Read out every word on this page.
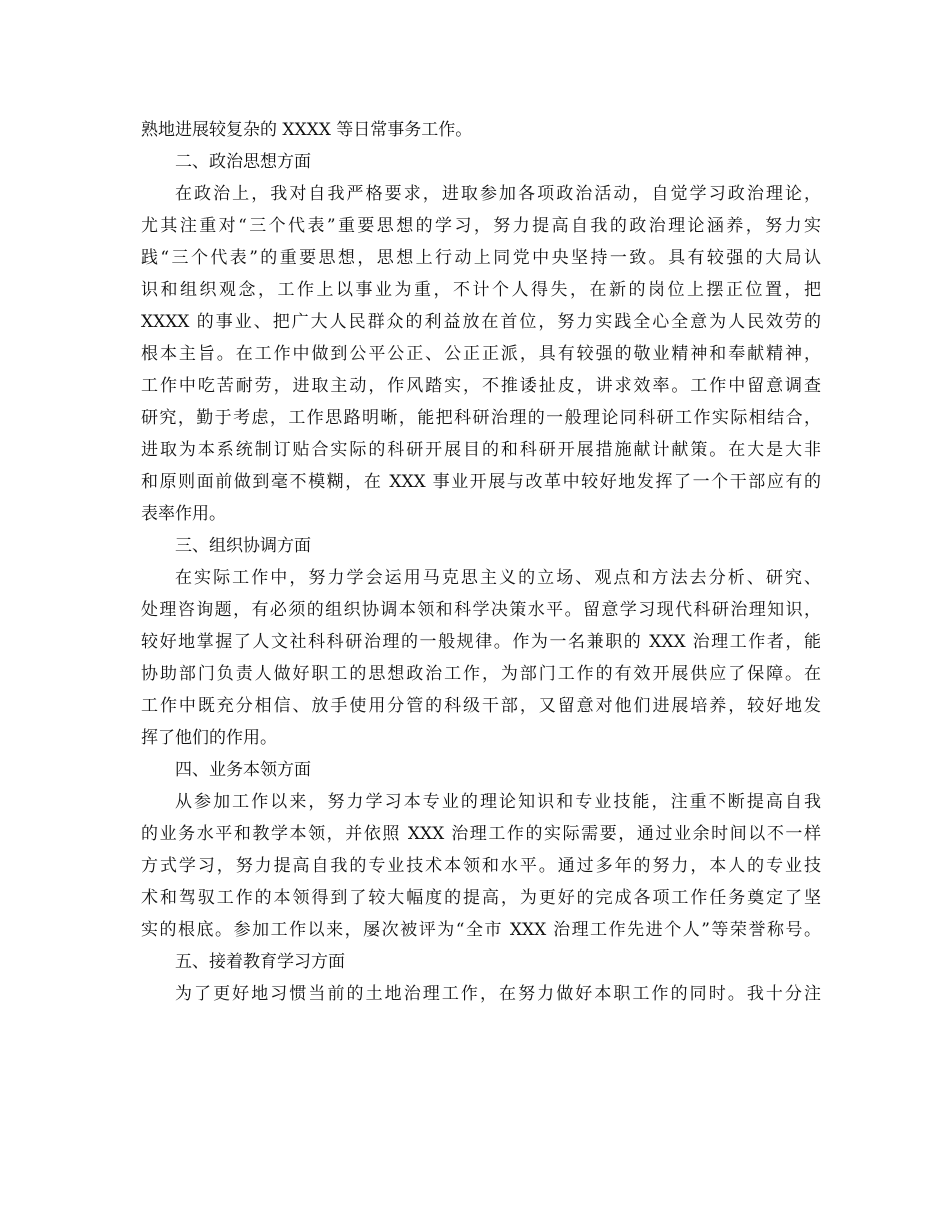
熟地进展较复杂的 XXXX 等日常事务工作。
二、政治思想方面
在政治上，我对自我严格要求，进取参加各项政治活动，自觉学习政治理论，
尤其注重对“三个代表”重要思想的学习，努力提高自我的政治理论涵养，努力实
践“三个代表”的重要思想，思想上行动上同党中央坚持一致。具有较强的大局认
识和组织观念，工作上以事业为重，不计个人得失，在新的岗位上摆正位置，把
XXXX 的事业、把广大人民群众的利益放在首位，努力实践全心全意为人民效劳的
根本主旨。在工作中做到公平公正、公正正派，具有较强的敬业精神和奉献精神，
工作中吃苦耐劳，进取主动，作风踏实，不推诿扯皮，讲求效率。工作中留意调查
研究，勤于考虑，工作思路明晰，能把科研治理的一般理论同科研工作实际相结合，
进取为本系统制订贴合实际的科研开展目的和科研开展措施献计献策。在大是大非
和原则面前做到毫不模糊，在 XXX 事业开展与改革中较好地发挥了一个干部应有的
表率作用。
三、组织协调方面
在实际工作中，努力学会运用马克思主义的立场、观点和方法去分析、研究、
处理咨询题，有必须的组织协调本领和科学决策水平。留意学习现代科研治理知识，
较好地掌握了人文社科科研治理的一般规律。作为一名兼职的 XXX 治理工作者，能
协助部门负责人做好职工的思想政治工作，为部门工作的有效开展供应了保障。在
工作中既充分相信、放手使用分管的科级干部，又留意对他们进展培养，较好地发
挥了他们的作用。
四、业务本领方面
从参加工作以来，努力学习本专业的理论知识和专业技能，注重不断提高自我
的业务水平和教学本领，并依照 XXX 治理工作的实际需要，通过业余时间以不一样
方式学习，努力提高自我的专业技术本领和水平。通过多年的努力，本人的专业技
术和驾驭工作的本领得到了较大幅度的提高，为更好的完成各项工作任务奠定了坚
实的根底。参加工作以来，屡次被评为“全市 XXX 治理工作先进个人”等荣誉称号。
五、接着教育学习方面
为了更好地习惯当前的土地治理工作，在努力做好本职工作的同时。我十分注
